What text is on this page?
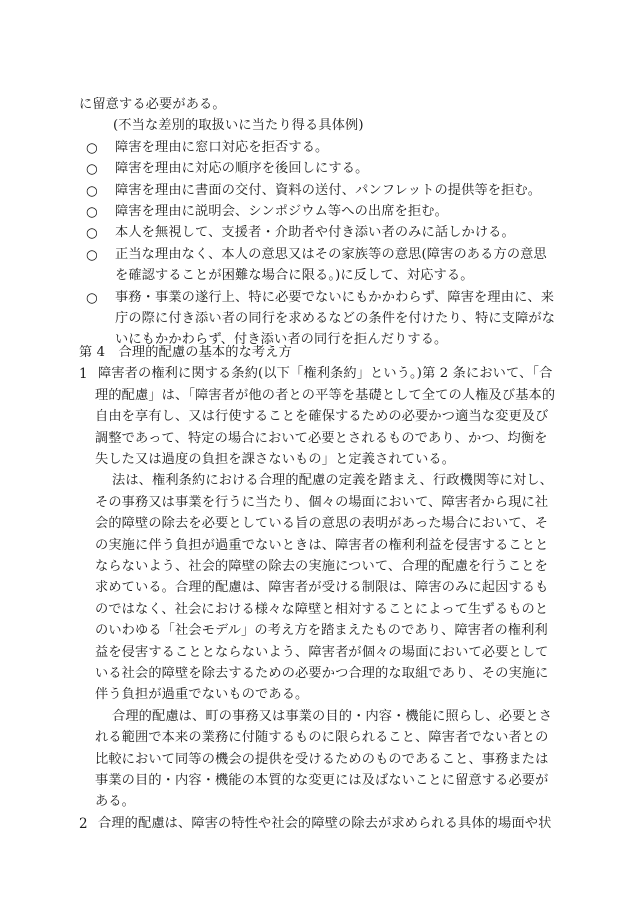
に留意する必要がある。
(不当な差別的取扱いに当たり得る具体例)
○ 障害を理由に窓口対応を拒否する。
○ 障害を理由に対応の順序を後回しにする。
○ 障害を理由に書面の交付、資料の送付、パンフレットの提供等を拒む。
○ 障害を理由に説明会、シンポジウム等への出席を拒む。
○ 本人を無視して、支援者・介助者や付き添い者のみに話しかける。
○ 正当な理由なく、本人の意思又はその家族等の意思(障害のある方の意思
を確認することが困難な場合に限る。)に反して、対応する。
○ 事務・事業の遂行上、特に必要でないにもかかわらず、障害を理由に、来
庁の際に付き添い者の同行を求めるなどの条件を付けたり、特に支障がな
いにもかかわらず、付き添い者の同行を拒んだりする。
第 4　合理的配慮の基本的な考え方
1 障害者の権利に関する条約(以下「権利条約」という。)第 2 条において、「合
理的配慮」は、「障害者が他の者との平等を基礎として全ての人権及び基本的
自由を享有し、又は行使することを確保するための必要かつ適当な変更及び
調整であって、特定の場合において必要とされるものであり、かつ、均衡を
失した又は過度の負担を課さないもの」と定義されている。
法は、権利条約における合理的配慮の定義を踏まえ、行政機関等に対し、
その事務又は事業を行うに当たり、個々の場面において、障害者から現に社
会的障壁の除去を必要としている旨の意思の表明があった場合において、そ
の実施に伴う負担が過重でないときは、障害者の権利利益を侵害することと
ならないよう、社会的障壁の除去の実施について、合理的配慮を行うことを
求めている。合理的配慮は、障害者が受ける制限は、障害のみに起因するも
のではなく、社会における様々な障壁と相対することによって生ずるものと
のいわゆる「社会モデル」の考え方を踏まえたものであり、障害者の権利利
益を侵害することとならないよう、障害者が個々の場面において必要として
いる社会的障壁を除去するための必要かつ合理的な取組であり、その実施に
伴う負担が過重でないものである。
合理的配慮は、町の事務又は事業の目的・内容・機能に照らし、必要とさ
れる範囲で本来の業務に付随するものに限られること、障害者でない者との
比較において同等の機会の提供を受けるためのものであること、事務または
事業の目的・内容・機能の本質的な変更には及ばないことに留意する必要が
ある。
2 合理的配慮は、障害の特性や社会的障壁の除去が求められる具体的場面や状
